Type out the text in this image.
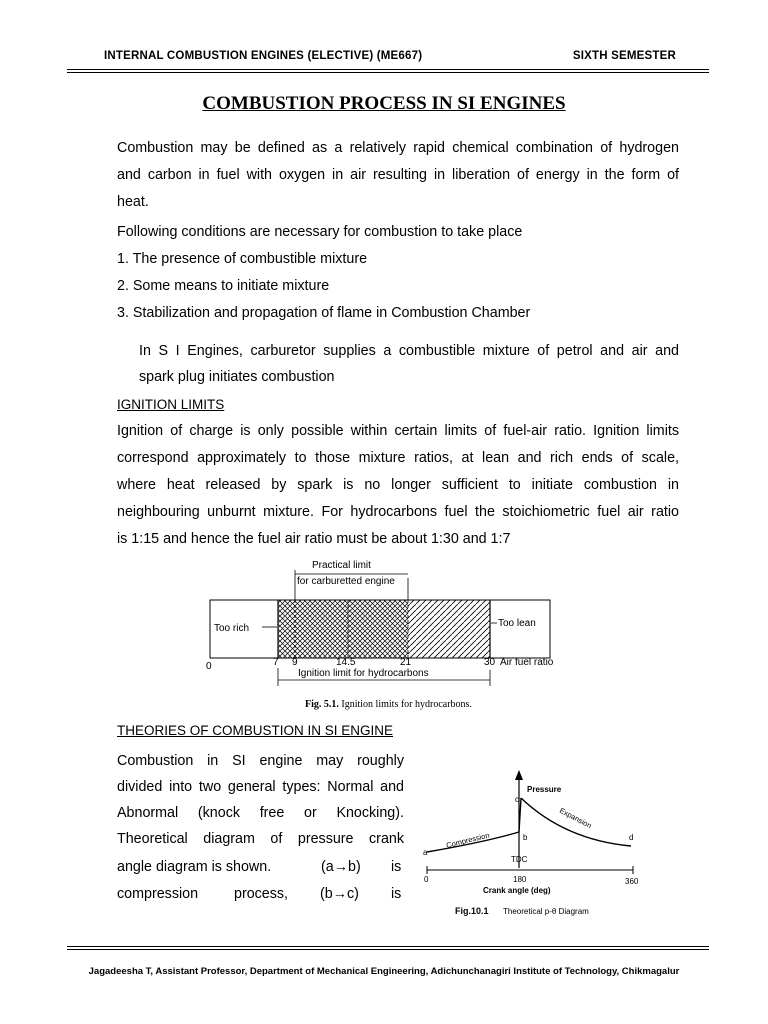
INTERNAL COMBUSTION ENGINES (ELECTIVE) (ME667)	SIXTH SEMESTER
COMBUSTION PROCESS IN SI ENGINES
Combustion may be defined as a relatively rapid chemical combination of hydrogen
and carbon in fuel with oxygen in air resulting in liberation of energy in the form of
heat.
Following conditions are necessary for combustion to take place
1. The presence of combustible mixture
2. Some means to initiate mixture
3. Stabilization and propagation of flame in Combustion Chamber
In S I Engines, carburetor supplies a combustible mixture of petrol and air and
spark plug initiates combustion
IGNITION LIMITS
Ignition of charge is only possible within certain limits of fuel-air ratio. Ignition limits
correspond approximately to those mixture ratios, at lean and rich ends of scale,
where heat released by spark is no longer sufficient to initiate combustion in
neighbouring unburnt mixture. For hydrocarbons fuel the stoichiometric fuel air ratio
is 1:15 and hence the fuel air ratio must be about 1:30 and 1:7
Practical limit
for carburetted engine
Too rich	Too lean
0	7 9	14.5	21	30 Air fuel ratio
Ignition limit for hydrocarbons
Fig. 5.1. Ignition limits for hydrocarbons.
THEORIES OF COMBUSTION IN SI ENGINE
Combustion in SI engine may roughly
divided into two general types: Normal and
Abnormal (knock free or Knocking).
Theoretical diagram of pressure crank
angle diagram is shown.	(a→b) is
compression	process, (b→c) is
Pressure
c
b
a
d
Compression
Expansion
TDC
0	180	360
Crank angle (deg)
Fig.10.1 Theoretical p-θ Diagram
Jagadeesha T, Assistant Professor, Department of Mechanical Engineering, Adichunchanagiri Institute of Technology, Chikmagalur
